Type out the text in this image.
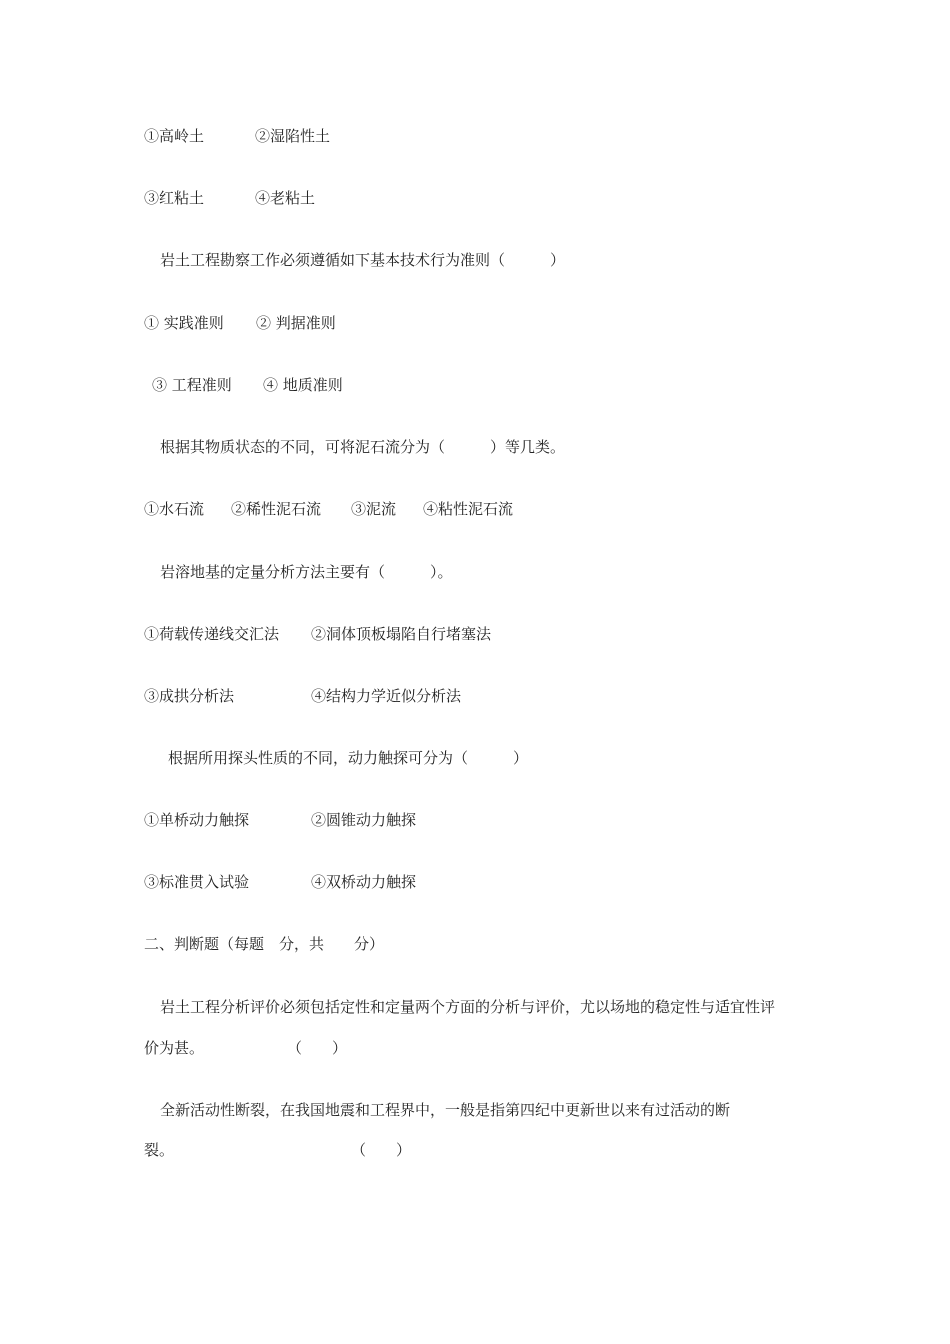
①高岭土	②湿陷性土
③红粘土	④老粘土
岩土工程勘察工作必须遵循如下基本技术行为准则（　　　）
① 实践准则 ② 判据准则
③ 工程准则 ④ 地质准则
根据其物质状态的不同，可将泥石流分为（　　　）等几类。
①水石流 ②稀性泥石流 ③泥流 ④粘性泥石流
岩溶地基的定量分析方法主要有（　　　）。
①荷载传递线交汇法 ②洞体顶板塌陷自行堵塞法
③成拱分析法	④结构力学近似分析法
根据所用探头性质的不同，动力触探可分为（　　　）
①单桥动力触探	②圆锥动力触探
③标准贯入试验	④双桥动力触探
二、判断题（每题　分，共　　分）
岩土工程分析评价必须包括定性和定量两个方面的分析与评价，尤以场地的稳定性与适宜性评
价为甚。	（　　）
全新活动性断裂，在我国地震和工程界中，一般是指第四纪中更新世以来有过活动的断
裂。	（　　）
